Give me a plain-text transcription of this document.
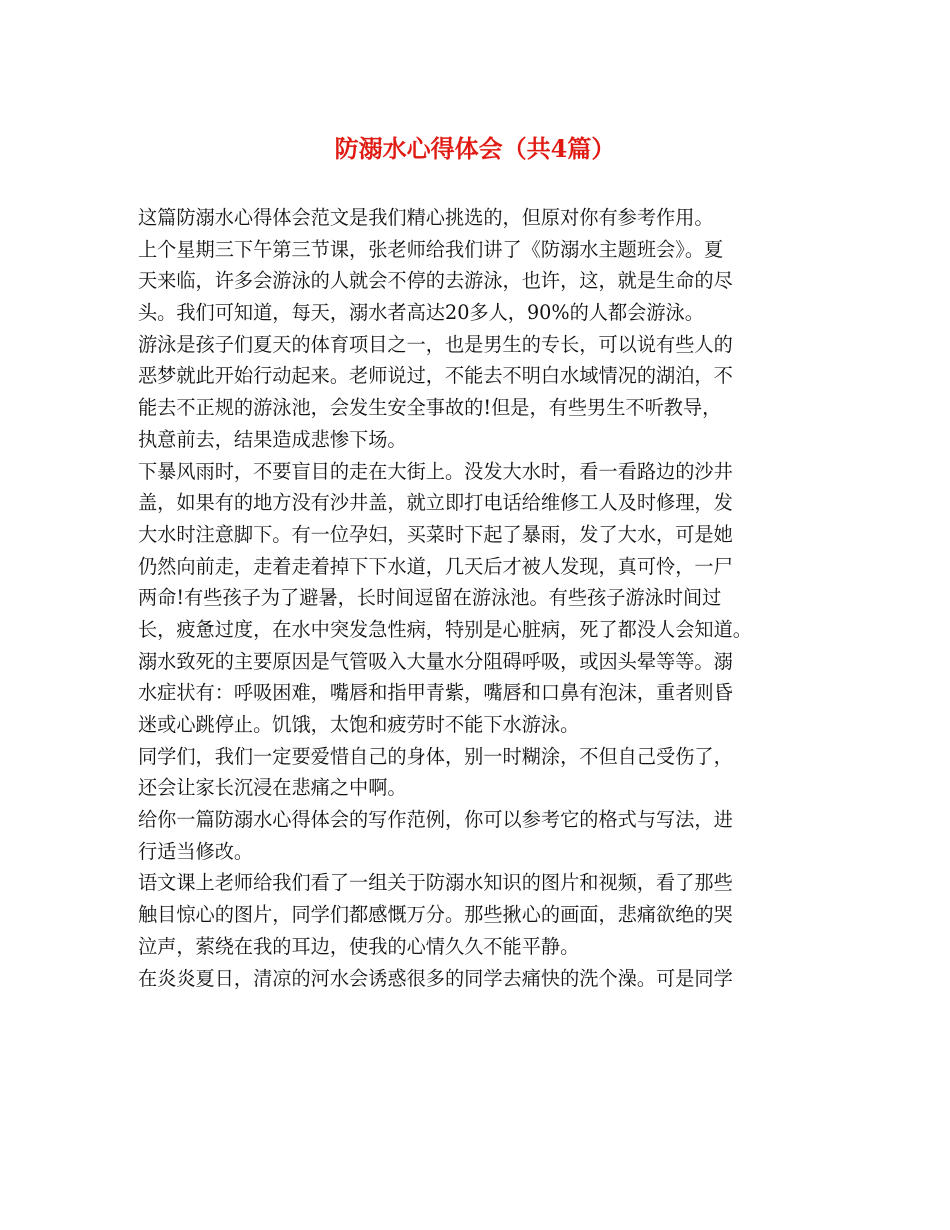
防溺水心得体会（共4篇）
这篇防溺水心得体会范文是我们精心挑选的，但原对你有参考作用。
上个星期三下午第三节课，张老师给我们讲了《防溺水主题班会》。夏
天来临，许多会游泳的人就会不停的去游泳，也许，这，就是生命的尽
头。我们可知道，每天，溺水者高达20多人，90%的人都会游泳。
游泳是孩子们夏天的体育项目之一，也是男生的专长，可以说有些人的
恶梦就此开始行动起来。老师说过，不能去不明白水域情况的湖泊，不
能去不正规的游泳池，会发生安全事故的!但是，有些男生不听教导，
执意前去，结果造成悲惨下场。
下暴风雨时，不要盲目的走在大街上。没发大水时，看一看路边的沙井
盖，如果有的地方没有沙井盖，就立即打电话给维修工人及时修理，发
大水时注意脚下。有一位孕妇，买菜时下起了暴雨，发了大水，可是她
仍然向前走，走着走着掉下下水道，几天后才被人发现，真可怜，一尸
两命!有些孩子为了避暑，长时间逗留在游泳池。有些孩子游泳时间过
长，疲惫过度，在水中突发急性病，特别是心脏病，死了都没人会知道。
溺水致死的主要原因是气管吸入大量水分阻碍呼吸，或因头晕等等。溺
水症状有：呼吸困难，嘴唇和指甲青紫，嘴唇和口鼻有泡沫，重者则昏
迷或心跳停止。饥饿，太饱和疲劳时不能下水游泳。
同学们，我们一定要爱惜自己的身体，别一时糊涂，不但自己受伤了，
还会让家长沉浸在悲痛之中啊。
给你一篇防溺水心得体会的写作范例，你可以参考它的格式与写法，进
行适当修改。
语文课上老师给我们看了一组关于防溺水知识的图片和视频，看了那些
触目惊心的图片，同学们都感慨万分。那些揪心的画面，悲痛欲绝的哭
泣声，萦绕在我的耳边，使我的心情久久不能平静。
在炎炎夏日，清凉的河水会诱惑很多的同学去痛快的洗个澡。可是同学
